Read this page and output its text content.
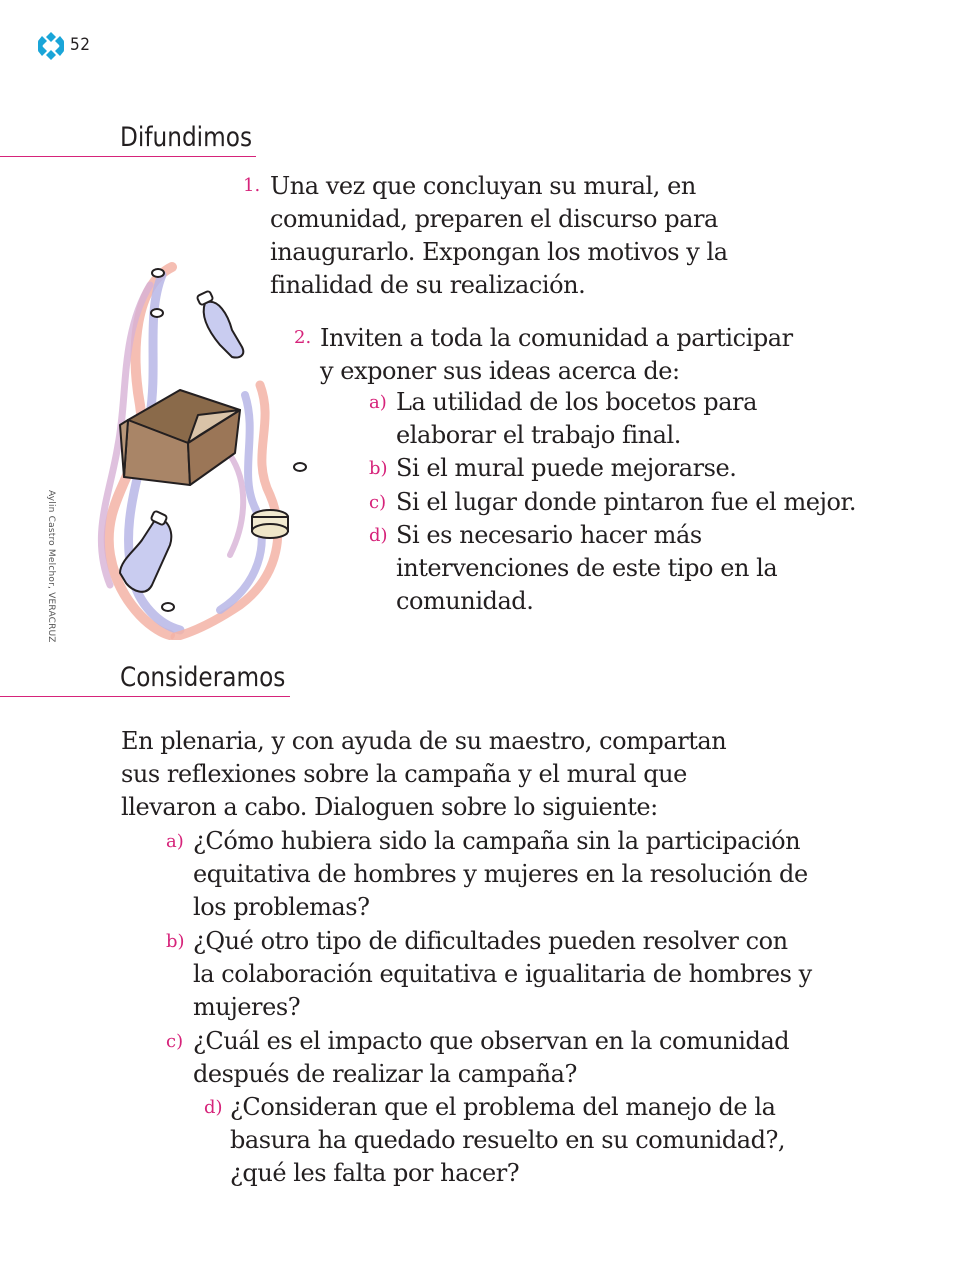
52
Difundimos
1. Una vez que concluyan su mural, en
comunidad, preparen el discurso para
inaugurarlo. Expongan los motivos y la
finalidad de su realización.
2. Inviten a toda la comunidad a participar
y exponer sus ideas acerca de:
a) La utilidad de los bocetos para
elaborar el trabajo final.
b) Si el mural puede mejorarse.
c) Si el lugar donde pintaron fue el mejor.
d) Si es necesario hacer más
intervenciones de este tipo en la
comunidad.
Aylin Castro Melchor, VERACRUZ
Consideramos
En plenaria, y con ayuda de su maestro, compartan
sus reflexiones sobre la campaña y el mural que
llevaron a cabo. Dialoguen sobre lo siguiente:
a) ¿Cómo hubiera sido la campaña sin la participación
equitativa de hombres y mujeres en la resolución de
los problemas?
b) ¿Qué otro tipo de dificultades pueden resolver con
la colaboración equitativa e igualitaria de hombres y
mujeres?
c) ¿Cuál es el impacto que observan en la comunidad
después de realizar la campaña?
d) ¿Consideran que el problema del manejo de la
basura ha quedado resuelto en su comunidad?,
¿qué les falta por hacer?
